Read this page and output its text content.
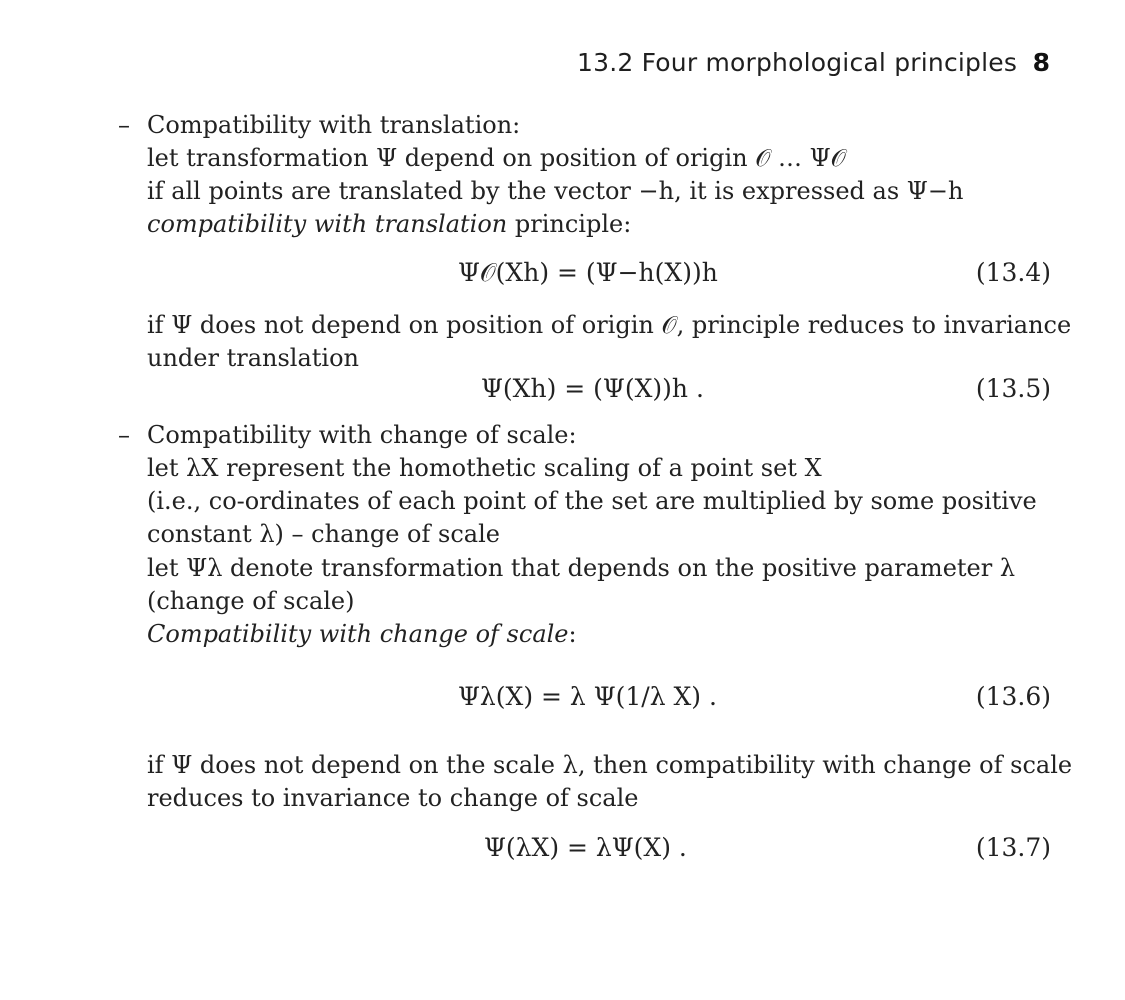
13.2 Four morphological principles 8
– Compatibility with translation:
let transformation Ψ depend on position of origin 𝒪 … Ψ𝒪
if all points are translated by the vector −h, it is expressed as Ψ−h
compatibility with translation principle:
Ψ𝒪(Xh) = (Ψ−h(X))h	(13.4)
if Ψ does not depend on position of origin 𝒪, principle reduces to invariance
under translation
Ψ(Xh) = (Ψ(X))h .	(13.5)
– Compatibility with change of scale:
let λX represent the homothetic scaling of a point set X
(i.e., co-ordinates of each point of the set are multiplied by some positive
constant λ) – change of scale
let Ψλ denote transformation that depends on the positive parameter λ
(change of scale)
Compatibility with change of scale:
Ψλ(X) = λ Ψ(1/λ X) .	(13.6)
if Ψ does not depend on the scale λ, then compatibility with change of scale
reduces to invariance to change of scale
Ψ(λX) = λΨ(X) .	(13.7)
